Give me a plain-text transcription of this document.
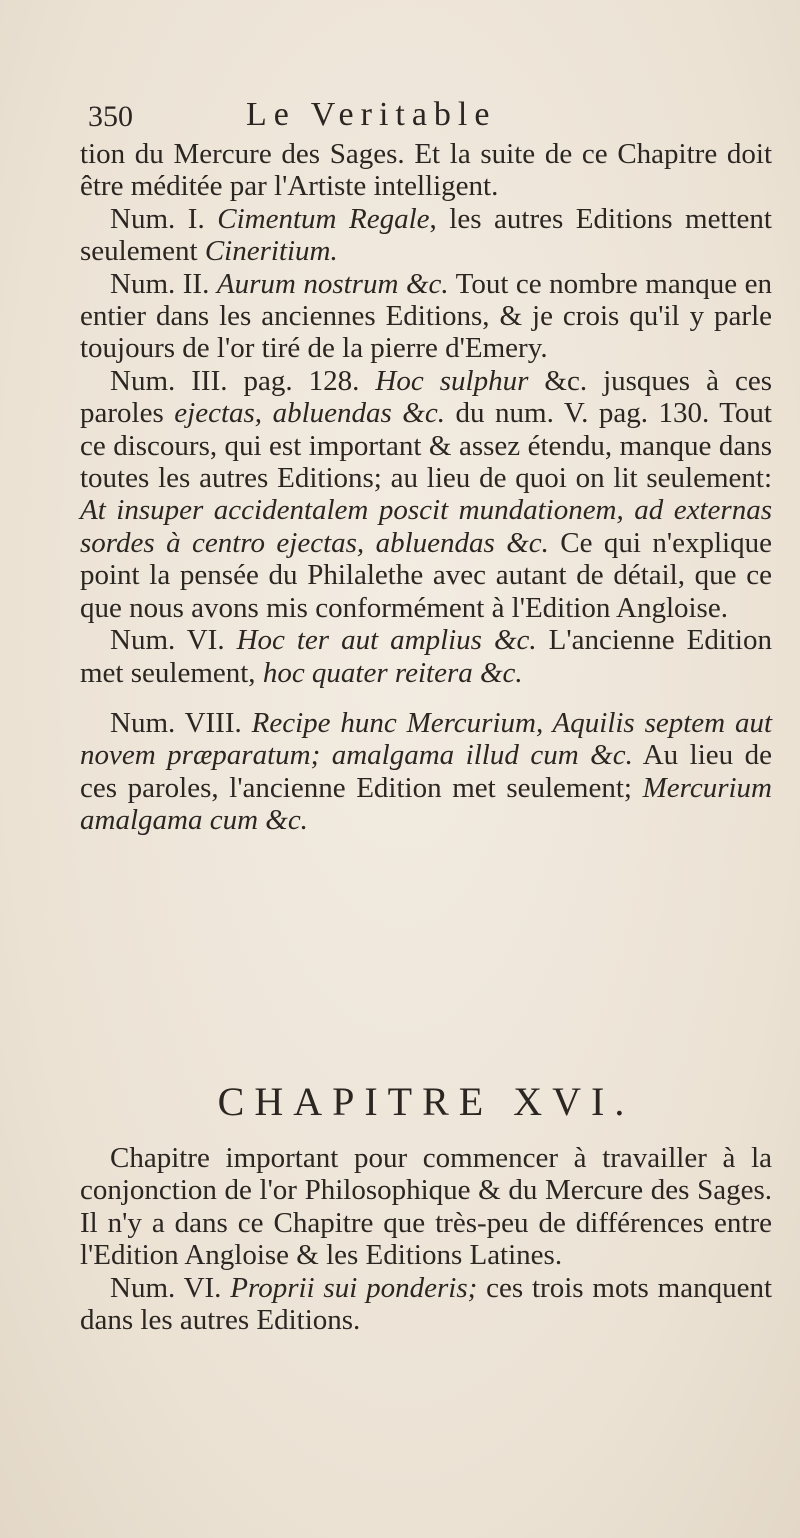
350	Le Veritable

tion du Mercure des Sages. Et la suite de ce Chapitre doit être méditée par l'Artiste intelligent.

Num. I. Cimentum Regale, les autres Editions mettent seulement Cineritium.

Num. II. Aurum nostrum &c. Tout ce nombre manque en entier dans les anciennes Editions, & je crois qu'il y parle toujours de l'or tiré de la pierre d'Emery.

Num. III. pag. 128. Hoc sulphur &c. jusques à ces paroles ejectas, abluendas &c. du num. V. pag. 130. Tout ce discours, qui est important & assez étendu, manque dans toutes les autres Editions; au lieu de quoi on lit seulement: At insuper accidentalem poscit mundationem, ad externas sordes à centro ejectas, abluendas &c. Ce qui n'explique point la pensée du Philalethe avec autant de détail, que ce que nous avons mis conformément à l'Edition Angloise.

Num. VI. Hoc ter aut amplius &c. L'ancienne Edition met seulement, hoc quater reitera &c.

Num. VIII. Recipe hunc Mercurium, Aquilis septem aut novem præparatum; amalgama illud cum &c. Au lieu de ces paroles, l'ancienne Edition met seulement; Mercurium amalgama cum &c.

CHAPITRE XVI.

Chapitre important pour commencer à travailler à la conjonction de l'or Philosophique & du Mercure des Sages. Il n'y a dans ce Chapitre que très-peu de différences entre l'Edition Angloise & les Editions Latines.

Num. VI. Proprii sui ponderis; ces trois mots manquent dans les autres Editions.
